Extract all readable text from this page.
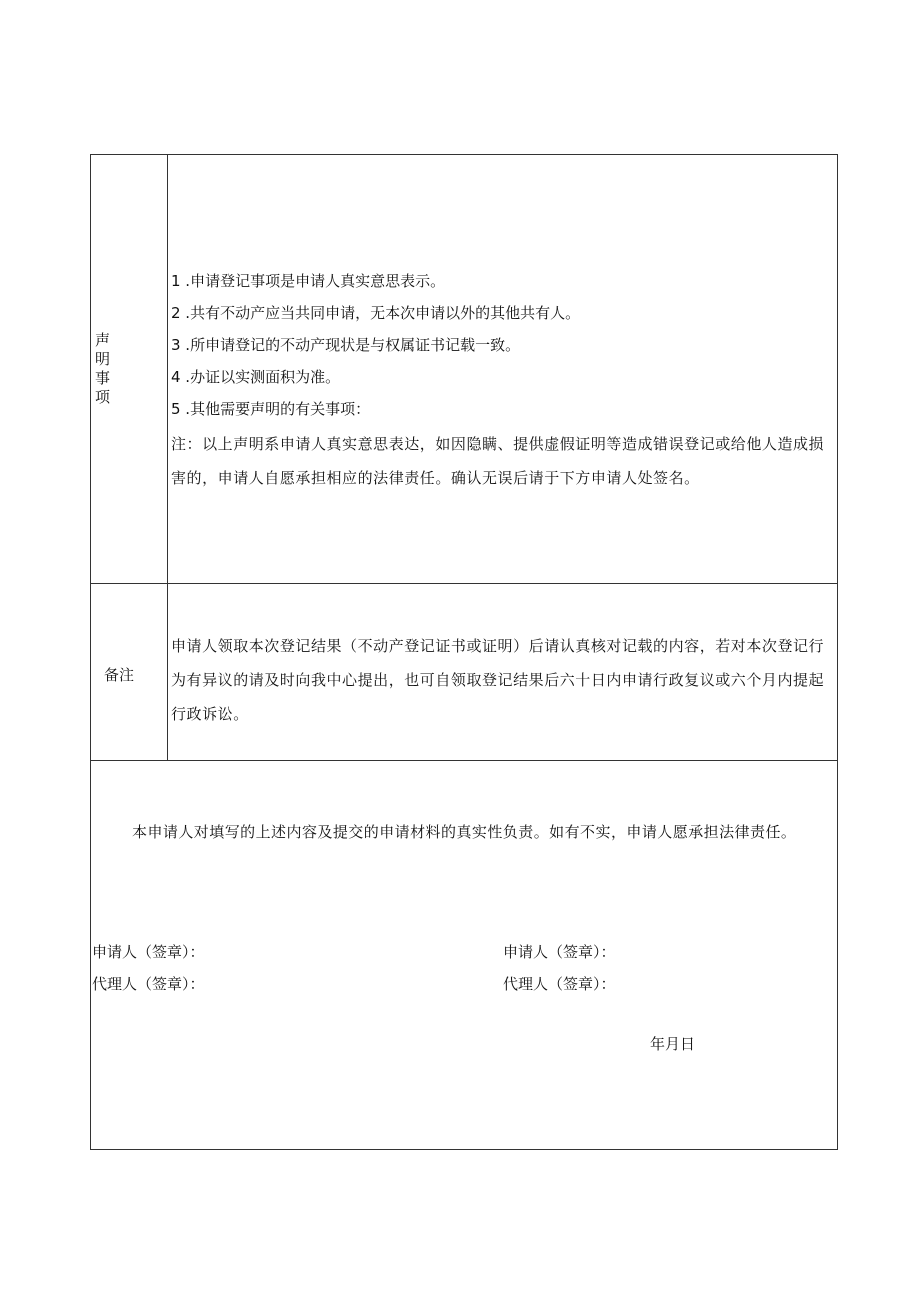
声明事项
1 .申请登记事项是申请人真实意思表示。
2 .共有不动产应当共同申请，无本次申请以外的其他共有人。
3 .所申请登记的不动产现状是与权属证书记载一致。
4 .办证以实测面积为准。
5 .其他需要声明的有关事项：
注：以上声明系申请人真实意思表达，如因隐瞒、提供虚假证明等造成错误登记或给他人造成损害的，申请人自愿承担相应的法律责任。确认无误后请于下方申请人处签名。
备注
申请人领取本次登记结果（不动产登记证书或证明）后请认真核对记载的内容，若对本次登记行为有异议的请及时向我中心提出，也可自领取登记结果后六十日内申请行政复议或六个月内提起行政诉讼。
本申请人对填写的上述内容及提交的申请材料的真实性负责。如有不实，申请人愿承担法律责任。
申请人（签章）：
代理人（签章）：
申请人（签章）：
代理人（签章）：
年月日
